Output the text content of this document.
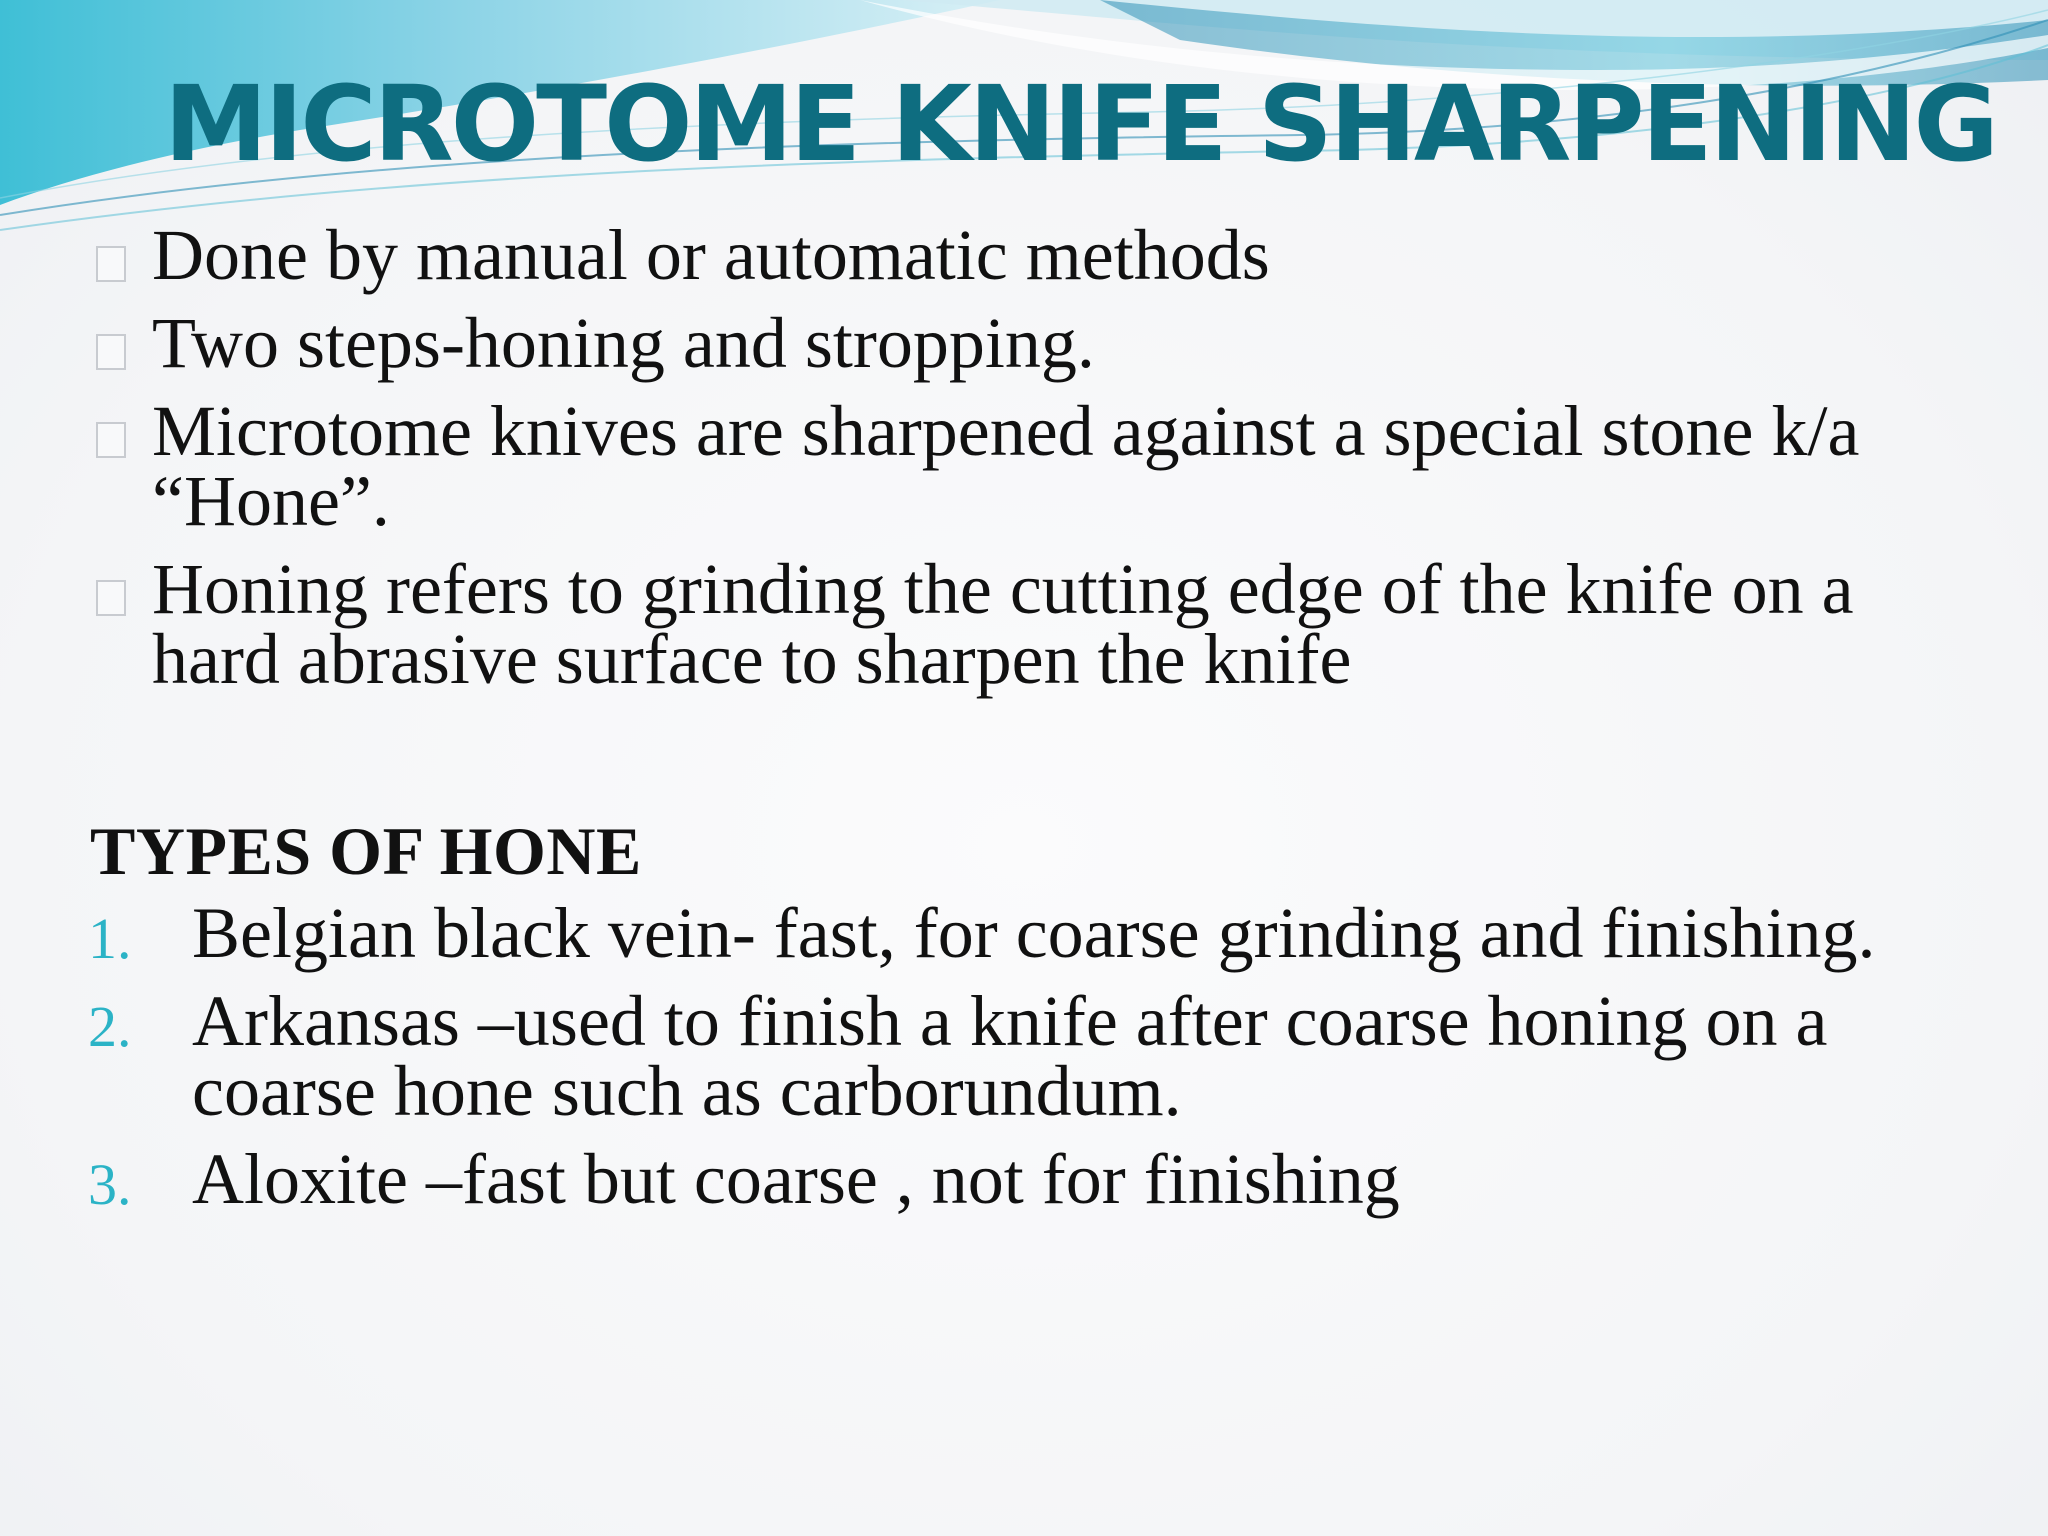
MICROTOME KNIFE SHARPENING
Done by manual or automatic methods
Two steps-honing and stropping.
Microtome knives are sharpened against a special stone k/a “Hone”.
Honing refers to grinding the cutting edge of the knife on a hard abrasive surface to sharpen the knife
TYPES OF HONE
1. Belgian black vein- fast, for coarse grinding and finishing.
2. Arkansas –used to finish a knife after coarse honing on a coarse hone such as carborundum.
3. Aloxite –fast but coarse , not for finishing
